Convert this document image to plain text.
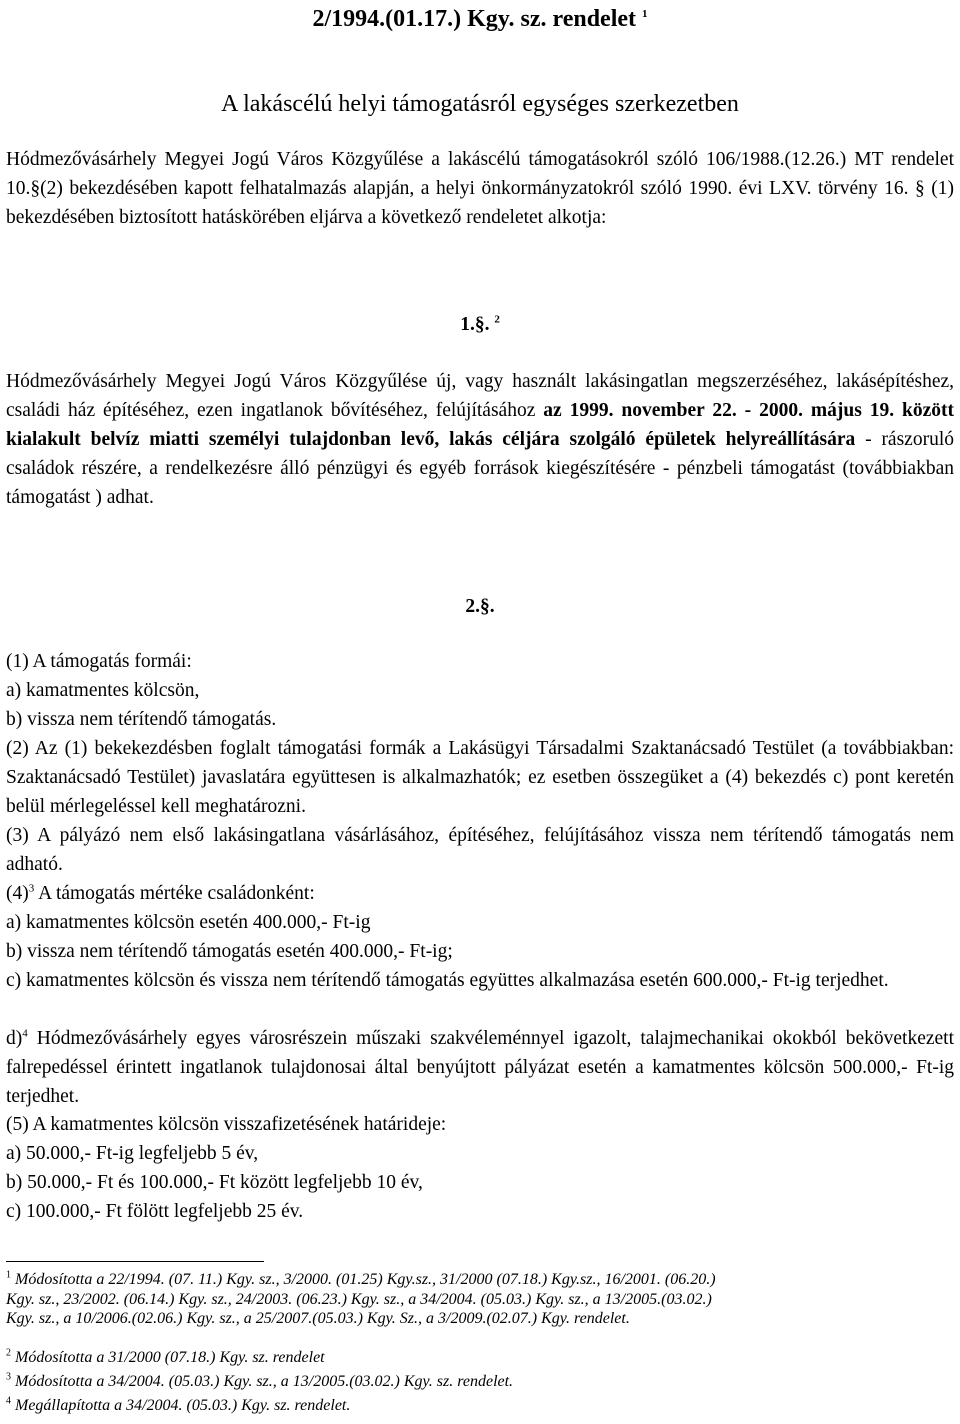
2/1994.(01.17.) Kgy. sz. rendelet $^1$

A lakáscélú helyi támogatásról egységes szerkezetben

Hódmezővásárhely Megyei Jogú Város Közgyűlése a lakáscélú támogatásokról szóló 106/1988.(12.26.) MT rendelet 10.§(2) bekezdésében kapott felhatalmazás alapján, a helyi önkormányzatokról szóló 1990. évi LXV. törvény 16. § (1) bekezdésében biztosított hatáskörében eljárva a következő rendeletet alkotja:

1.§. $^2$

Hódmezővásárhely Megyei Jogú Város Közgyűlése új, vagy használt lakásingatlan megszerzéséhez, lakásépítéshez, családi ház építéséhez, ezen ingatlanok bővítéséhez, felújításához az 1999. november 22. - 2000. május 19. között kialakult belvíz miatti személyi tulajdonban levő, lakás céljára szolgáló épületek helyreállítására - rászoruló családok részére, a rendelkezésre álló pénzügyi és egyéb források kiegészítésére - pénzbeli támogatást (továbbiakban támogatást ) adhat.

2.§.

(1) A támogatás formái:
a) kamatmentes kölcsön,
b) vissza nem térítendő támogatás.

(2) Az (1) bekekezdésben foglalt támogatási formák a Lakásügyi Társadalmi Szaktanácsadó Testület (a továbbiakban: Szaktanácsadó Testület) javaslatára együttesen is alkalmazhatók; ez esetben összegüket a (4) bekezdés c) pont keretén belül mérlegeléssel kell meghatározni.

(3) A pályázó nem első lakásingatlana vásárlásához, építéséhez, felújításához vissza nem térítendő támogatás nem adható.

$(4)^3$ A támogatás mértéke családonként:

a) kamatmentes kölcsön esetén 400.000,- Ft-ig

b) vissza nem térítendő támogatás esetén 400.000,- Ft-ig;

c) kamatmentes kölcsön és vissza nem térítendő támogatás együttes alkalmazása esetén 600.000,- Ft-ig terjedhet.

d)$^4$ Hódmezővásárhely egyes városrészein műszaki szakvéleménnyel igazolt, talajmechanikai okokból bekövetkezett falrepedéssel érintett ingatlanok tulajdonosai által benyújtott pályázat esetén a kamatmentes kölcsön 500.000,- Ft-ig terjedhet.

(5) A kamatmentes kölcsön visszafizetésének határideje:
a) 50.000,- Ft-ig legfeljebb 5 év,
b) 50.000,- Ft és 100.000,- Ft között legfeljebb 10 év,
c) 100.000,- Ft fölött legfeljebb 25 év.
$^1$ Módosította a 22/1994. (07. 11.) Kgy. sz., 3/2000. (01.25) Kgy.sz., 31/2000 (07.18.) Kgy.sz., 16/2001. (06.20.)
Kgy. sz., 23/2002. (06.14.) Kgy. sz., 24/2003. (06.23.) Kgy. sz., a 34/2004. (05.03.) Kgy. sz., a 13/2005.(03.02.)
Kgy. sz., a 10/2006.(02.06.) Kgy. sz., a 25/2007.(05.03.) Kgy. Sz., a 3/2009.(02.07.) Kgy. rendelet.
$^2$ Módosította a 31/2000 (07.18.) Kgy. sz. rendelet
$^3$ Módosította a 34/2004. (05.03.) Kgy. sz., a 13/2005.(03.02.) Kgy. sz. rendelet.
$^4$ Megállapította a 34/2004. (05.03.) Kgy. sz. rendelet.
